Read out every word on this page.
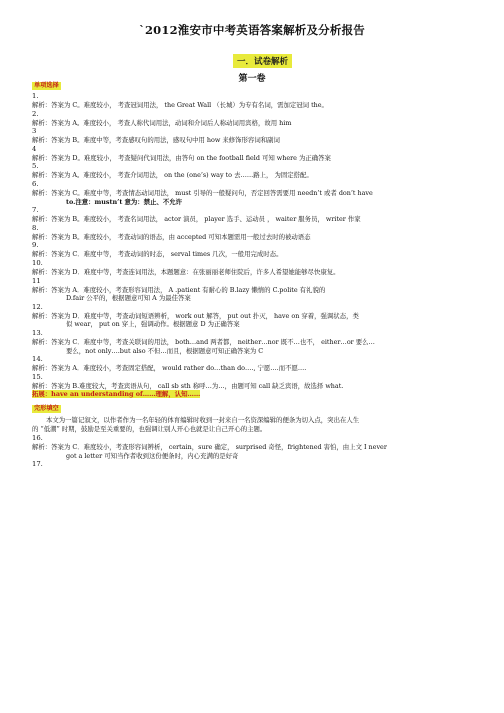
`2012淮安市中考英语答案解析及分析报告
一．试卷解析
第一卷
单项选择
1.
解析：答案为 C。难度较小， 考查冠词用法， the Great Wall （长城）为专有名词，需加定冠词 the。
2.
解析：答案为 A。难度较小， 考查人称代词用法，动词和介词后人称动词用宾格，故用 him
3
解析：答案为 B。难度中等，考查感叹句的用法，感叹句中用 how 来修饰形容词和副词
4
解析：答案为 D。难度较小， 考查疑问代词用法，由答句 on the football field 可知 where 为正确答案
5.
解析：答案为 A。难度较小， 考查介词用法， on the (one’s) way to 去……路上， 为固定搭配。
6.
解析：答案为 C。难度中等，考查情态动词用法， must 引导的一般疑问句，否定回答需要用 needn’t 或者 don’t have
to.注意：mustn’t 意为：禁止、不允许
7.
解析：答案为 B。难度较小， 考查名词用法， actor 演员， player 选手、运动员 ， waiter 服务员， writer 作家
8.
解析：答案为 B。难度较小， 考查动词的语态，由 accepted 可知本题需用一般过去时的被动语态
9.
解析：答案为 C．难度中等， 考查动词的时态， serval times 几次，一般用完成时态。
10.
解析：答案为 D．难度中等，考查连词用法，本题题意：在张丽丽老师住院后，许多人希望她能够尽快康复。
11
解析：答案为 A．难度较小，考查形容词用法， A .patient 有耐心的 B.lazy 懒惰的 C.polite 有礼貌的
D.fair 公平的，根据题意可知 A 为最佳答案
12.
解析：答案为 D．难度中等，考查动词短语辨析， work out 解答， put out 扑灭， have on 穿着，强调状态，类
似 wear， put on 穿上，强调动作。根据题意 D 为正确答案
13.
解析：答案为 C．难度中等，考查关联词的用法， both…and 两者都， neither…nor 既不…也不， either…or 要么…
要么，not only….but also 不但…而且，根据题意可知正确答案为 C
14.
解析：答案为 A．难度较小，考查固定搭配， would rather do…than do…., 宁愿….而不愿….
15.
解析：答案为 B.难度较大，考查宾语从句， call sb sth 称呼…为…，由题可知 call 缺乏宾语，故选择 what.
拓展：have an understanding of……理解，认知……
完形填空
本文为一篇记叙文，以作者作为一名年轻的体育编辑时收到一封来自一名资深编辑的便条为切入点，突出在人生
的 “低潮” 时期，鼓励是至关重要的，也强调让别人开心也就是让自己开心的主题。
16.
解析：答案为 C．难度较小，考查形容词辨析， certain，sure 确定， surprised 奇怪，frightened 害怕，由上文 I never
got a letter 可知当作者收到这份便条时，内心充满的是好奇
17.
